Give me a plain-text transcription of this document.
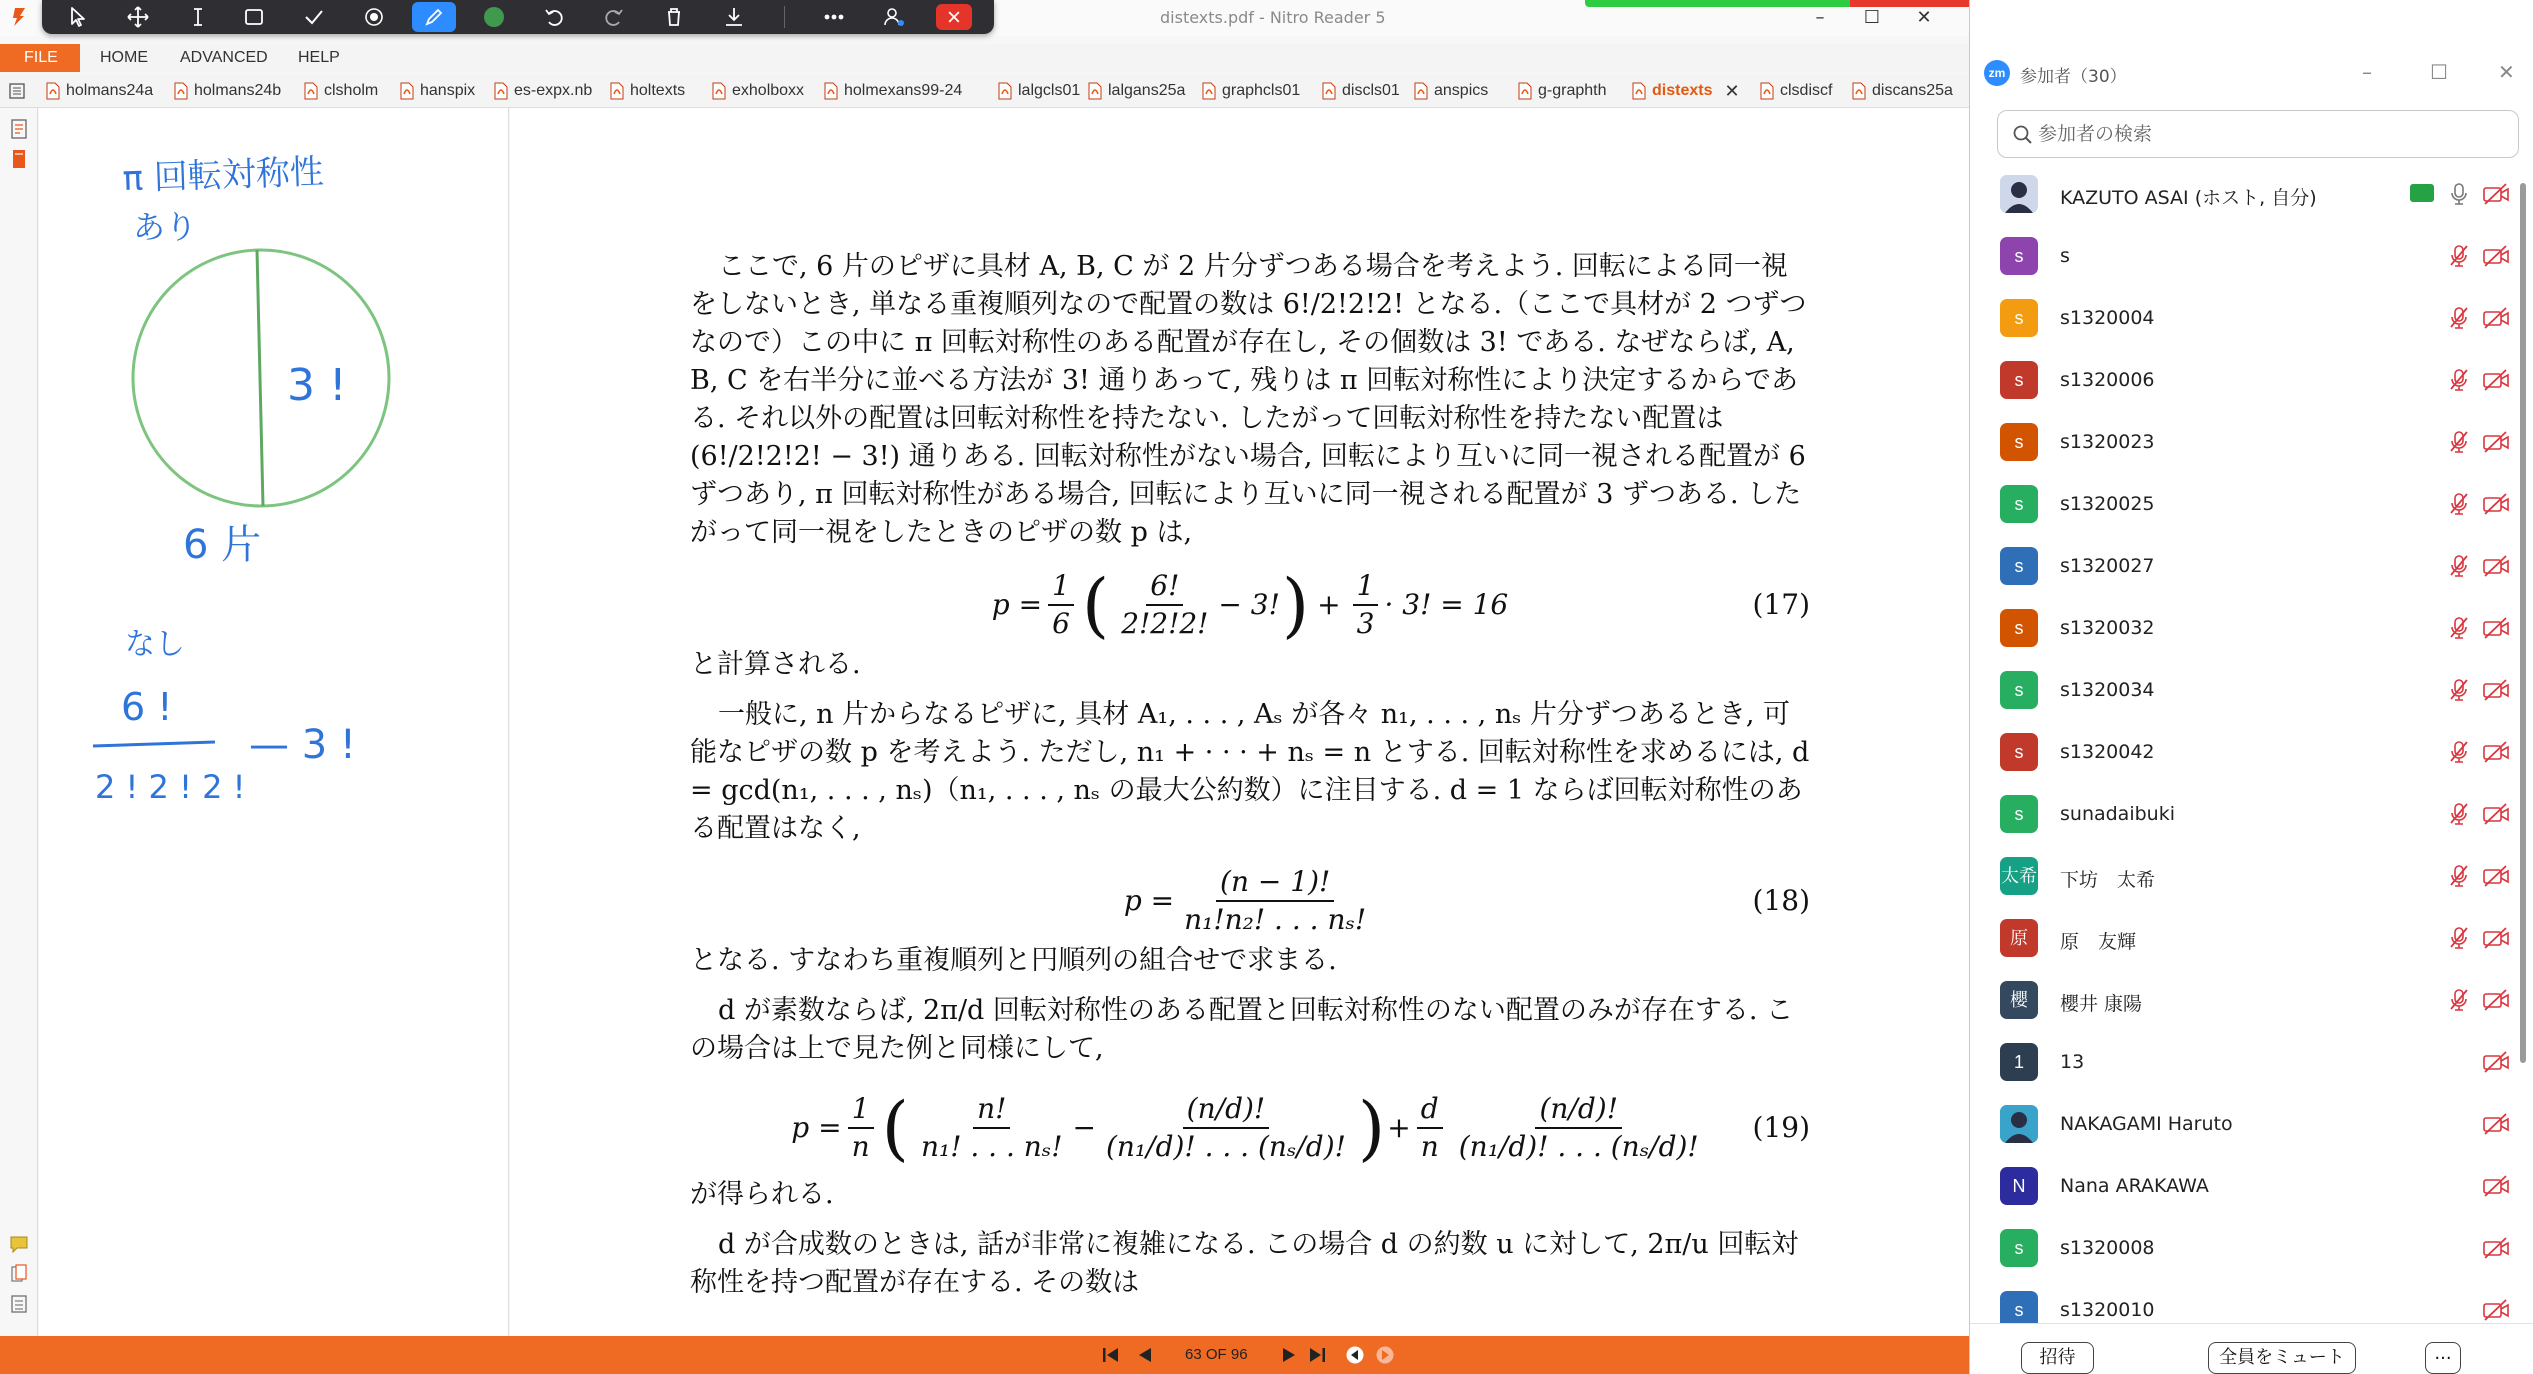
distexts.pdf - Nitro Reader 5	–	☐	✕
FILE	HOME ADVANCED HELP
holmans24a	holmans24b	clsholm	hanspix es-expx.nb holtexts	exholboxx holmexans99-24	lalgcls01 lalgans25a graphcls01	discls01 anspics	g-graphth	distexts ✕	clsdiscf discans25a
π 回転対称性
あり
3 !
6 片
なし
6 !
2 ! 2 ! 2 !
— 3 !

ここで, 6 片のピザに具材 A, B, C が 2 片分ずつある場合を考えよう. 回転による同一視をしないとき, 単なる重複順列なので配置の数は 6!/2!2!2! となる.（ここで具材が 2 つずつなので）この中に π 回転対称性のある配置が存在し, その個数は 3! である. なぜならば, A, B, C を右半分に並べる方法が 3! 通りあって, 残りは π 回転対称性により決定するからである. それ以外の配置は回転対称性を持たない. したがって回転対称性を持たない配置は (6!/2!2!2! − 3!) 通りある. 回転対称性がない場合, 回転により互いに同一視される配置が 6 ずつあり, π 回転対称性がある場合, 回転により互いに同一視される配置が 3 ずつある. したがって同一視をしたときのピザの数 p は,

$p = \frac{1}{6}$ ( $\frac{6!}{2!2!2!} - 3$! ) + $\frac{1}{3} \cdot 3$! = 16	(17)

と計算される.

一般に, n 片からなるピザに, 具材 A₁, . . . , Aₛ が各々 n₁, . . . , nₛ 片分ずつあるとき, 可能なピザの数 p を考えよう. ただし, n₁ + · · · + nₛ = n とする. 回転対称性を求めるには, d = gcd(n₁, . . . , nₛ)（n₁, . . . , nₛ の最大公約数）に注目する. d = 1 ならば回転対称性のある配置はなく,

$p = \frac{(n - 1)!}{\text{n₁!n₂! . . . nₛ!}}$	(18)

となる. すなわち重複順列と円順列の組合せで求まる.

d が素数ならば, 2π/d 回転対称性のある配置と回転対称性のない配置のみが存在する. この場合は上で見た例と同様にして,

$p = \frac{1}{n}$ ( $\frac{n!}{\text{n₁! . . . nₛ!}} - \frac{(n/d)!}{\text{(n₁/d)! . . . (nₛ/d)!}}$ ) + $\frac{d}{n} \frac{(n/d)!}{\text{(n₁/d)! . . . (nₛ/d)!}} (19)$

が得られる.

d が合成数のときは, 話が非常に複雑になる. この場合 d の約数 u に対して, 2π/u 回転対称性を持つ配置が存在する. その数は

63 OF 96
zm 参加者（30）	–	☐	✕
参加者の検索
KAZUTO ASAI (ホスト, 自分)
s	s
s	s1320004
s	s1320006
s	s1320023
s	s1320025
s	s1320027
s	s1320032
s	s1320034
s	s1320042
s	sunadaibuki
太希 下坊　太希
原	原　友輝
櫻	櫻井 康陽
1	13
NAKAGAMI Haruto
N	Nana ARAKAWA
s	s1320008
s	s1320010
招待	全員をミュート	...
